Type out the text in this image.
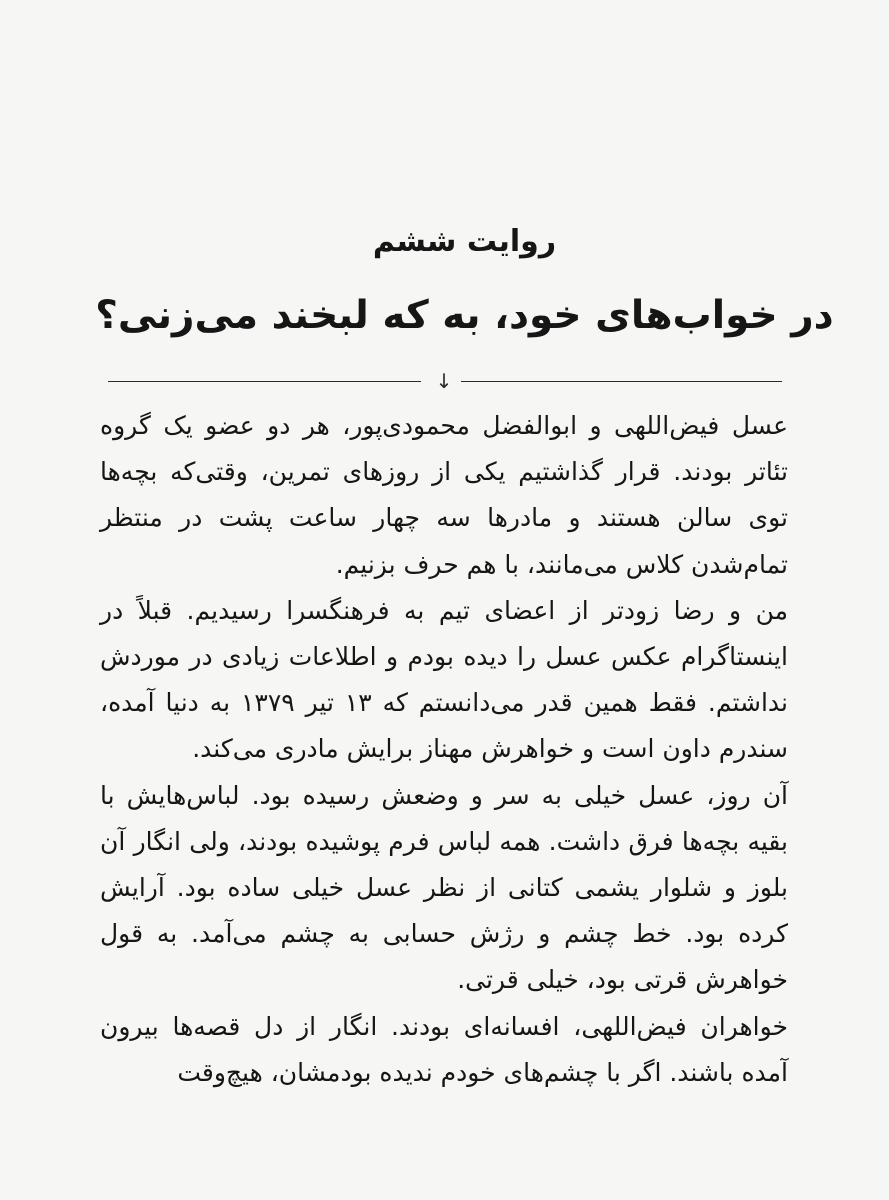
روایت ششم
در خواب‌های خود، به که لبخند می‌زنی؟
↓

عسل فیض‌اللهی و ابوالفضل محمودی‌پور، هر دو عضو یک گروه تئاتر بودند. قرار گذاشتیم یکی از روزهای تمرین، وقتی‌که بچه‌ها توی سالن هستند و مادرها سه چهار ساعت پشت در منتظر تمام‌شدن کلاس می‌مانند، با هم حرف بزنیم.

من و رضا زودتر از اعضای تیم به فرهنگسرا رسیدیم. قبلاً در اینستاگرام عکس عسل را دیده بودم و اطلاعات زیادی در موردش نداشتم. فقط همین قدر می‌دانستم که ۱۳ تیر ۱۳۷۹ به دنیا آمده، سندرم داون است و خواهرش مهناز برایش مادری می‌کند.

آن روز، عسل خیلی به سر و وضعش رسیده بود. لباس‌هایش با بقیه بچه‌ها فرق داشت. همه لباس فرم پوشیده بودند، ولی انگار آن بلوز و شلوار یشمی کتانی از نظر عسل خیلی ساده بود. آرایش کرده بود. خط چشم و رژش حسابی به چشم می‌آمد. به قول خواهرش قرتی بود، خیلی قرتی.

خواهران فیض‌اللهی، افسانه‌ای بودند. انگار از دل قصه‌ها بیرون آمده باشند. اگر با چشم‌های خودم ندیده بودمشان، هیچ‌وقت
